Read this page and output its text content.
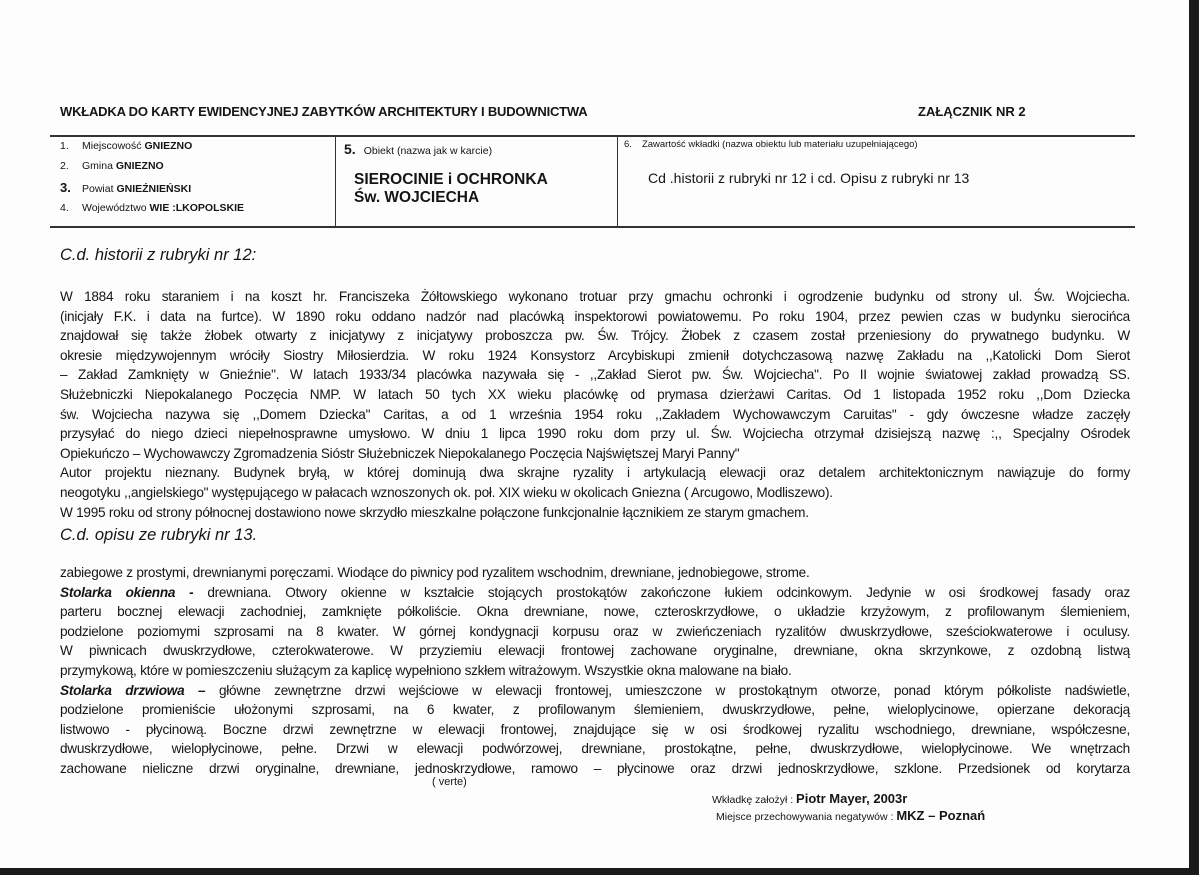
WKŁADKA DO KARTY EWIDENCYJNEJ ZABYTKÓW ARCHITEKTURY I BUDOWNICTWA	ZAŁĄCZNIK NR 2
1. Miejscowość GNIEZNO
2. Gmina GNIEZNO
3. Powiat GNIEŹNIEŃSKI
4. Województwo WIE :LKOPOLSKIE
5. Obiekt (nazwa jak w karcie)
SIEROCINIE i OCHRONKA
Św. WOJCIECHA
6. Zawartość wkładki (nazwa obiektu lub materiału uzupełniającego)
Cd .historii z rubryki nr 12 i cd. Opisu z rubryki nr 13
C.d. historii z rubryki nr 12:
W 1884 roku staraniem i na koszt hr. Franciszeka Żółtowskiego wykonano trotuar przy gmachu ochronki i ogrodzenie budynku od strony ul. Św. Wojciecha.
(inicjały F.K. i data na furtce). W 1890 roku oddano nadzór nad placówką inspektorowi powiatowemu. Po roku 1904, przez pewien czas w budynku sierocińca
znajdował się także żłobek otwarty z inicjatywy z inicjatywy proboszcza pw. Św. Trójcy. Żłobek z czasem został przeniesiony do prywatnego budynku. W
okresie międzywojennym wróciły Siostry Miłosierdzia. W roku 1924 Konsystorz Arcybiskupi zmienił dotychczasową nazwę Zakładu na ,,Katolicki Dom Sierot
– Zakład Zamknięty w Gnieźnie". W latach 1933/34 placówka nazywała się - ,,Zakład Sierot pw. Św. Wojciecha". Po II wojnie światowej zakład prowadzą SS.
Służebniczki Niepokalanego Poczęcia NMP. W latach 50 tych XX wieku placówkę od prymasa dzierżawi Caritas. Od 1 listopada 1952 roku ,,Dom Dziecka
św. Wojciecha nazywa się ,,Domem Dziecka" Caritas, a od 1 września 1954 roku ,,Zakładem Wychowawczym Caruitas" - gdy ówczesne władze zaczęły
przysyłać do niego dzieci niepełnosprawne umysłowo. W dniu 1 lipca 1990 roku dom przy ul. Św. Wojciecha otrzymał dzisiejszą nazwę :,, Specjalny Ośrodek
Opiekuńczo – Wychowawczy Zgromadzenia Sióstr Służebniczek Niepokalanego Poczęcia Najświętszej Maryi Panny"
Autor projektu nieznany. Budynek bryłą, w której dominują dwa skrajne ryzality i artykulacją elewacji oraz detalem architektonicznym nawiązuje do formy
neogotyku ,,angielskiego" występującego w pałacach wznoszonych ok. poł. XIX wieku w okolicach Gniezna ( Arcugowo, Modliszewo).
W 1995 roku od strony północnej dostawiono nowe skrzydło mieszkalne połączone funkcjonalnie łącznikiem ze starym gmachem.
C.d. opisu ze rubryki nr 13.
zabiegowe z prostymi, drewnianymi poręczami. Wiodące do piwnicy pod ryzalitem wschodnim, drewniane, jednobiegowe, strome.
Stolarka okienna - drewniana. Otwory okienne w kształcie stojących prostokątów zakończone łukiem odcinkowym. Jedynie w osi środkowej fasady oraz
parteru bocznej elewacji zachodniej, zamknięte półkoliście. Okna drewniane, nowe, czteroskrzydłowe, o układzie krzyżowym, z profilowanym ślemieniem,
podzielone poziomymi szprosami na 8 kwater. W górnej kondygnacji korpusu oraz w zwieńczeniach ryzalitów dwuskrzydłowe, sześciokwaterowe i oculusy.
W piwnicach dwuskrzydłowe, czterokwaterowe. W przyziemiu elewacji frontowej zachowane oryginalne, drewniane, okna skrzynkowe, z ozdobną listwą
przymykową, które w pomieszczeniu służącym za kaplicę wypełniono szkłem witrażowym. Wszystkie okna malowane na biało.
Stolarka drzwiowa – główne zewnętrzne drzwi wejściowe w elewacji frontowej, umieszczone w prostokątnym otworze, ponad którym półkoliste nadświetle,
podzielone promieniście ułożonymi szprosami, na 6 kwater, z profilowanym ślemieniem, dwuskrzydłowe, pełne, wieloplycinowe, opierzane dekoracją
listwowo - płycinową. Boczne drzwi zewnętrzne w elewacji frontowej, znajdujące się w osi środkowej ryzalitu wschodniego, drewniane, współczesne,
dwuskrzydłowe, wielopłycinowe, pełne. Drzwi w elewacji podwórzowej, drewniane, prostokątne, pełne, dwuskrzydłowe, wielopłycinowe. We wnętrzach
zachowane nieliczne drzwi oryginalne, drewniane, jednoskrzydłowe, ramowo – płycinowe oraz drzwi jednoskrzydłowe, szklone. Przedsionek od korytarza
( verte)
Wkładkę założył : Piotr Mayer, 2003r
Miejsce przechowywania negatywów : MKZ – Poznań
